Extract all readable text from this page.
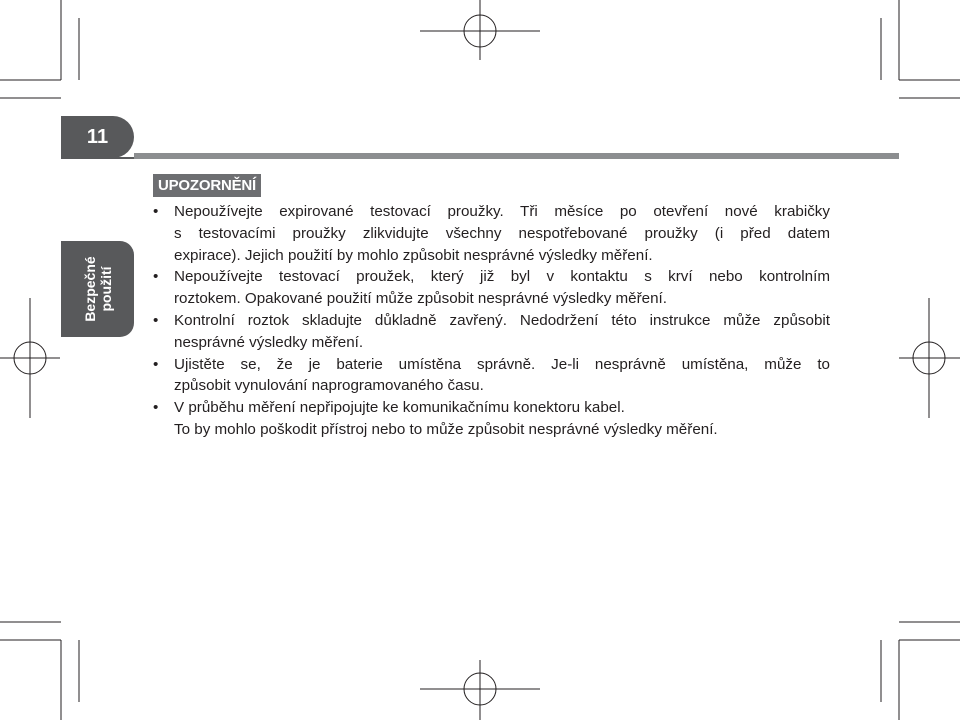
11
Bezpečné použití
UPOZORNĚNÍ
• Nepoužívejte expirované testovací proužky. Tři měsíce po otevření nové krabičky
s testovacími proužky zlikvidujte všechny nespotřebované proužky (i před datem
expirace). Jejich použití by mohlo způsobit nesprávné výsledky měření.
• Nepoužívejte testovací proužek, který již byl v kontaktu s krví nebo kontrolním
roztokem. Opakované použití může způsobit nesprávné výsledky měření.
• Kontrolní roztok skladujte důkladně zavřený. Nedodržení této instrukce může způsobit
nesprávné výsledky měření.
• Ujistěte se, že je baterie umístěna správně. Je-li nesprávně umístěna, může to
způsobit vynulování naprogramovaného času.
• V průběhu měření nepřipojujte ke komunikačnímu konektoru kabel.
To by mohlo poškodit přístroj nebo to může způsobit nesprávné výsledky měření.
